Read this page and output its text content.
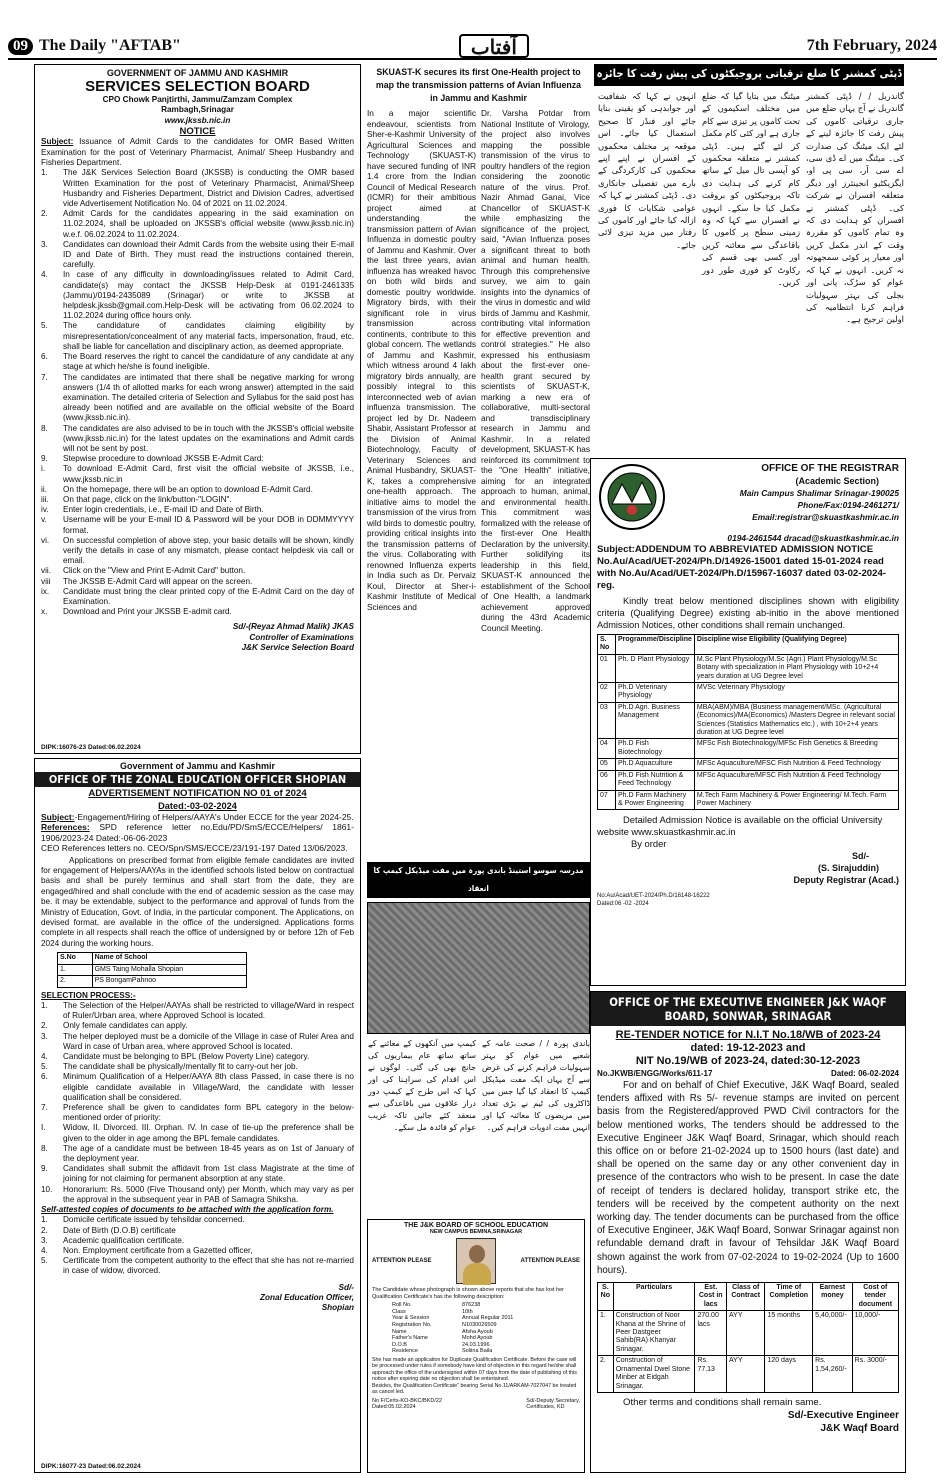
09 The Daily "AFTAB"	آفتاب	7th February, 2024
GOVERNMENT OF JAMMU AND KASHMIR
SERVICES SELECTION BOARD
CPO Chowk Panjtirthi, Jammu/Zamzam Complex
Rambagh,Srinagar
www.jkssb.nic.in
NOTICE
Subject: Issuance of Admit Cards to the candidates for OMR Based Written Examination for the post of Veterinary Pharmacist, Animal/ Sheep Husbandry and Fisheries Department.
1.	The J&K Services Selection Board (JKSSB) is conducting the OMR based Written Examination for the post of Veterinary Pharmacist, Animal/Sheep Husbandry and Fisheries Department, District and Division Cadres, advertised vide Advertisement Notification No. 04 of 2021 on 11.02.2024.
2.	Admit Cards for the candidates appearing in the said examination on 11.02.2024, shall be uploaded on JKSSB's official website (www.jkssb.nic.in) w.e.f. 06.02.2024 to 11.02.2024.
3.	Candidates can download their Admit Cards from the website using their E-mail ID and Date of Birth. They must read the instructions contained therein, carefully.
4.	In case of any difficulty in downloading/issues related to Admit Card, candidate(s) may contact the JKSSB Help-Desk at 0191-2461335 (Jammu)/0194-2435089 (Srinagar) or write to JKSSB at helpdesk.jkssb@gmail.com.Help-Desk will be activating from 06.02.2024 to 11.02.2024 during office hours only.
5.	The candidature of candidates claiming eligibility by misrepresentation/concealment of any material facts, impersonation, fraud, etc. shall be liable for cancellation and disciplinary action, as deemed appropriate.
6.	The Board reserves the right to cancel the candidature of any candidate at any stage at which he/she is found ineligible.
7.	The candidates are intimated that there shall be negative marking for wrong answers (1/4 th of allotted marks for each wrong answer) attempted in the said examination. The detailed criteria of Selection and Syllabus for the said post has already been notified and are available on the official website of the Board (www.jkssb.nic.in).
8.	The candidates are also advised to be in touch with the JKSSB's official website (www.jkssb.nic.in) for the latest updates on the examinations and Admit cards will not be sent by post.
9.	Stepwise procedure to download JKSSB E-Admit Card:
i.	To download E-Admit Card, first visit the official website of JKSSB, i.e., www.jkssb.nic.in
ii.	On the homepage, there will be an option to download E-Admit Card.
iii.	On that page, click on the link/button-"LOGIN".
iv.	Enter login credentials, i.e., E-mail ID and Date of Birth.
v.	Username will be your E-mail ID & Password will be your DOB in DDMMYYYY format.
vi.	On successful completion of above step, your basic details will be shown, kindly verify the details in case of any mismatch, please contact helpdesk via call or email.
vii.	Click on the "View and Print E-Admit Card" button.
viii	The JKSSB E-Admit Card will appear on the screen.
ix.	Candidate must bring the clear printed copy of the E-Admit Card on the day of Examination.
x.	Download and Print your JKSSB E-admit card.
Sd/-(Reyaz Ahmad Malik) JKAS
Controller of Examinations
J&K Service Selection Board
DIPK:16076-23 Dated:06.02.2024
Government of Jammu and Kashmir
OFFICE OF THE ZONAL EDUCATION OFFICER SHOPIAN
ADVERTISEMENT NOTIFICATION NO 01 of 2024
Dated:-03-02-2024
Subject:-Engagement/Hiring of Helpers/AAYA's Under ECCE for the year 2024-25.
References: SPD reference letter no.Edu/PD/SmS/ECCE/Helpers/ 1861-1906/2023-24 Dated:-06-06-2023
CEO References letters no. CEO/Spn/SMS/ECCE/23/191-197 Dated 13/06/2023.
Applications on prescribed format from eligible female candidates are invited for engagement of Helpers/AAYAs in the identified schools listed below on contractual basis and shall be purely terminus and shall start from the date, they are engaged/hired and shall conclude with the end of academic session as the case may be. it may be extendable, subject to the performance and approval of funds from the Ministry of Education, Govt. of India, in the particular component. The Applications, on devised format, are available in the office of the undersigned. Applications forms complete in all respects shall reach the office of undersigned by or before 12h of Feb 2024 during the working hours.
S.No	Name of School
1.	GMS Taing Mohalla Shopian
2.	PS BongamPahnoo
SELECTION PROCESS:-
1.	The Selection of the Helper/AAYAs shall be restricted to village/Ward in respect of Ruler/Urban area, where Approved School is located.
2.	Only female candidates can apply.
3.	The helper deployed must be a domicile of the Village in case of Ruler Area and Ward in case of Urban area, where approved School is located.
4.	Candidate must be belonging to BPL (Below Poverty Line) category.
5.	The candidate shall be physically/mentally fit to carry-out her job.
6.	Minimum Qualification of a Helper/AAYA 8th class Passed, in case there is no eligible candidate available in Village/Ward, the candidate with lesser qualification shall be considered.
7.	Preference shall be given to candidates form BPL category in the below-mentioned order of priority:
I.	Widow, II. Divorced. III. Orphan. IV. In case of tie-up the preference shall be given to the older in age among the BPL female candidates.
8.	The age of a candidate must be between 18-45 years as on 1st of January of the deployment year.
9.	Candidates shall submit the affidavit from 1st class Magistrate at the time of joining for not claiming for permanent absorption at any state.
10.	Honorarium: Rs. 5000 (Five Thousand only) per Month, which may vary as per the approval in the subsequent year in PAB of Samagra Shiksha.
Self-attested copies of documents to be attached with the application form.
1.	Domicile certificate issued by tehsildar concerned.
2.	Date of Birth (D.O.B) certificate
3.	Academic qualification certificate.
4.	Non. Employment certificate from a Gazetted officer,
5.	Certificate from the competent authority to the effect that she has not re-married in case of widow, divorced.
Sd/-
Zonal Education Officer,
Shopian
DIPK:16077-23 Dated:06.02.2024
SKUAST-K secures its first One-Health project to map the transmission patterns of Avian Influenza in Jammu and Kashmir
In a major scientific endeavour, scientists from Sher-e-Kashmir University of Agricultural Sciences and Technology (SKUAST-K) have secured funding of INR 1.4 crore from the Indian Council of Medical Research (ICMR) for their ambitious project aimed at understanding the transmission pattern of Avian Influenza in domestic poultry of Jammu and Kashmir. Over the last three years, avian influenza has wreaked havoc on both wild birds and domestic poultry worldwide. Migratory birds, with their significant role in virus transmission across continents, contribute to this global concern. The wetlands of Jammu and Kashmir, which witness around 4 lakh migratory birds annually, are possibly integral to this interconnected web of avian influenza transmission. The project led by Dr. Nadeem Shabir, Assistant Professor at the Division of Animal Biotechnology, Faculty of Veterinary Sciences and Animal Husbandry, SKUAST-K, takes a comprehensive one-health approach. The initiative aims to model the transmission of the virus from wild birds to domestic poultry, providing critical insights into the transmission patterns of the virus. Collaborating with renowned Influenza experts in India such as Dr. Pervaiz Koul, Director at Sher-i-Kashmir Institute of Medical Sciences and
Dr. Varsha Potdar from National Institute of Virology, the project also involves mapping the possible transmission of the virus to poultry handlers of the region considering the zoonotic nature of the virus. Prof. Nazir Ahmad Ganai, Vice Chancellor of SKUAST-K while emphasizing the significance of the project, said, "Avian Influenza poses a significant threat to both animal and human health. Through this comprehensive survey, we aim to gain insights into the dynamics of the virus in domestic and wild birds of Jammu and Kashmir, contributing vital information for effective prevention and control strategies." He also expressed his enthusiasm about the first-ever one-health grant secured by scientists of SKUAST-K, marking a new era of collaborative, multi-sectoral and transdisciplinary research in Jammu and Kashmir. In a related development, SKUAST-K has reinforced its commitment to the "One Health" initiative, aiming for an integrated approach to human, animal, and environmental health. This commitment was formalized with the release of the first-ever One Health Declaration by the university. Further solidifying its leadership in this field, SKUAST-K announced the establishment of the School of One Health, a landmark achievement approved during the 43rd Academic Council Meeting.
ڈپٹی کمشنر کا ضلع ترقیاتی پروجیکٹوں کی پیش رفت کا جائزہ
گاندربل / / ڈپٹی کمشنر گاندربل نے آج یہاں ضلع میں جاری ترقیاتی کاموں کی پیش رفت کا جائزہ لینے کے لئے ایک میٹنگ کی صدارت کی۔ میٹنگ میں اے ڈی سی، اے سی آر، سی پی او، ایگزیکٹیو انجینئرز اور دیگر متعلقہ افسران نے شرکت کی۔ ڈپٹی کمشنر نے افسران کو ہدایت دی کہ وہ تمام کاموں کو مقررہ وقت کے اندر مکمل کریں اور معیار پر کوئی سمجھوتہ نہ کریں۔ انہوں نے کہا کہ عوام کو سڑک، پانی اور بجلی کی بہتر سہولیات فراہم کرنا انتظامیہ کی اولین ترجیح ہے۔
میٹنگ میں بتایا گیا کہ ضلع میں مختلف اسکیموں کے تحت کاموں پر تیزی سے کام جاری ہے اور کئی کام مکمل کر لئے گئے ہیں۔ ڈپٹی کمشنر نے متعلقہ محکموں کو آپسی تال میل کے ساتھ کام کرنے کی ہدایت دی تاکہ پروجیکٹوں کو بروقت مکمل کیا جا سکے۔ انہوں نے افسران سے کہا کہ وہ زمینی سطح پر کاموں کا باقاعدگی سے معائنہ کریں اور کسی بھی قسم کی رکاوٹ کو فوری طور دور کریں۔
انہوں نے کہا کہ شفافیت اور جوابدہی کو یقینی بنایا جائے اور فنڈز کا صحیح استعمال کیا جائے۔ اس موقعہ پر مختلف محکموں کے افسران نے اپنے اپنے محکموں کی کارکردگی کے بارے میں تفصیلی جانکاری دی۔ ڈپٹی کمشنر نے کہا کہ عوامی شکایات کا فوری ازالہ کیا جائے اور کاموں کی رفتار میں مزید تیزی لائی جائے۔
مدرسہ سوسو استینڈ باندی پورہ میں مفت میڈیکل کیمپ کا انعقاد
باندی پورہ / / صحت عامہ کے شعبے میں عوام کو بہتر سہولیات فراہم کرنے کی غرض سے آج یہاں ایک مفت میڈیکل کیمپ کا انعقاد کیا گیا جس میں ڈاکٹروں کی ٹیم نے بڑی تعداد میں مریضوں کا معائنہ کیا اور انہیں مفت ادویات فراہم کیں۔
کیمپ میں آنکھوں کے معائنے کے ساتھ ساتھ عام بیماریوں کی جانچ بھی کی گئی۔ لوگوں نے اس اقدام کی سراہنا کی اور کہا کہ اس طرح کے کیمپ دور دراز علاقوں میں باقاعدگی سے منعقد کئے جائیں تاکہ غریب عوام کو فائدہ مل سکے۔
THE J&K BOARD OF SCHOOL EDUCATION
NEW CAMPUS BEMINA,SRINAGAR
ATTENTION PLEASE	ATTENTION PLEASE
The Candidate whose photograph is shown above reports that she has lost her Qualification Certificate's has the following description:
Roll No.	876238
Class	10th
Year & Session	Annual Regular 2011
Registration No.	N1030026509
Name	Afsha Ayoub
Father's Name	Mohd Ayoub
D.O.B	24.03.1996
Residence	Soliina Baila
She has made an application for Duplicate Qualification Certificate. Before the case will be processed under rules if somebody have kind of objection in this regard he/she shall approach the office of the undersigned within 07 days from the date of publishing of this notice after expiring date no objection shall be entertained.
Besides, the Qualification Certificate" bearing Serial No.11/ARKAM-7027047 be treated as cancel led.
No F/Certs-KO-BKC/BKD/22
Dated:05.02.2024
Sd/-Deputy Secretary,
Certificates, KD
OFFICE OF THE REGISTRAR
(Academic Section)
Main Campus Shalimar Srinagar-190025
Phone/Fax:0194-2461271/
Email:registrar@skuastkashmir.ac.in
0194-2461544 dracad@skuastkashmir.ac.in
Subject:ADDENDUM TO ABBREVIATED ADMISSION NOTICE No.Au/Acad/UET-2024/Ph.D/14926-15001 dated 15-01-2024 read with No.Au/Acad/UET-2024/Ph.D/15967-16037 dated 03-02-2024-reg.
Kindly treat below mentioned disciplines shown with eligibility criteria (Qualifying Degree) existing ab-initio in the above mentioned Admission Notices, other conditions shall remain unchanged.
S. No	Programme/Discipline	Discipline wise Eligibility (Qualifying Degree)
01	Ph. D Plant Physiology	M.Sc Plant Physiology/M.Sc (Agri.) Plant Physiology/M.Sc Botany with specialization in Plant Physiology with 10+2+4 years duration at UG Degree level
02	Ph.D Veterinary Physiology	MVSc Veterinary Physiology
03	Ph.D Agri. Business Management	MBA(ABM)/MBA (Business management/MSc. (Agricultural (Economics)/MA(Economics) /Masters Degree in relevant social Sciences (Statistics Mathematics etc.) , with 10+2+4 years duration at UG Degree level
04	Ph.D Fish Biotechnology	MFSc Fish Biotechnology/MFSc Fish Genetics & Breeding
05	Ph.D Aquaculture	MFSc Aquaculture/MFSC Fish Nutrition & Feed Technology
06	Ph.D Fish Nutrition & Feed Technology	MFSc Aquaculture/MFSC Fish Nutrition & Feed Technology
07	Ph.D Farm Machinery & Power Engineering	M.Tech Farm Machinery & Power Engineering/ M.Tech. Farm Power Machinery
Detailed Admission Notice is available on the official University website www.skuastkashmir.ac.in
By order
Sd/-
(S. Sirajuddin)
Deputy Registrar (Acad.)
No:Au/Acad/UET-2024/Ph.D/16148-16222
Dated:06 -02 -2024
OFFICE OF THE EXECUTIVE ENGINEER J&K WAQF BOARD, SONWAR, SRINAGAR
RE-TENDER NOTICE for N.I.T No.18/WB of 2023-24
dated: 19-12-2023 and
NIT No.19/WB of 2023-24, dated:30-12-2023
No.JKWB/ENGG/Works/611-17	Dated: 06-02-2024
For and on behalf of Chief Executive, J&K Waqf Board, sealed tenders affixed with Rs 5/- revenue stamps are invited on percent basis from the Registered/approved PWD Civil contractors for the below mentioned works, The tenders should be addressed to the Executive Engineer J&K Waqf Board, Srinagar, which should reach this office on or before 21-02-2024 up to 1500 hours (last date) and shall be opened on the same day or any other convenient day in presence of the contractors who wish to be present. In case the date of receipt of tenders is declared holiday, transport strike etc, the tenders will be received by the competent authority on the next working day. The tender documents can be purchased from the office of Executive Engineer, J&K Waqf Board, Sonwar Srinagar against non refundable demand draft in favour of Tehsildar J&K Waqf Board shown against the work from 07-02-2024 to 19-02-2024 (Up to 1600 hours).
S. No	Particulars	Est. Cost in lacs	Class of Contract	Time of Completion	Earnest money	Cost of tender document
1.	Construction of Noor Khana at the Shrine of Peer Dastgeer Sahib(RA) Khanyar Srinagar.	270.00 lacs	AYY	15 months	5,40,000/-	10,000/-
2.	Construction of Ornamental Dwel Stone Minber at Eidgah Srinagar.	Rs. 77.13	AYY	120 days	Rs. 1,54,260/-	Rs. 3000/-
Other terms and conditions shall remain same.
Sd/-Executive Engineer
J&K Waqf Board
